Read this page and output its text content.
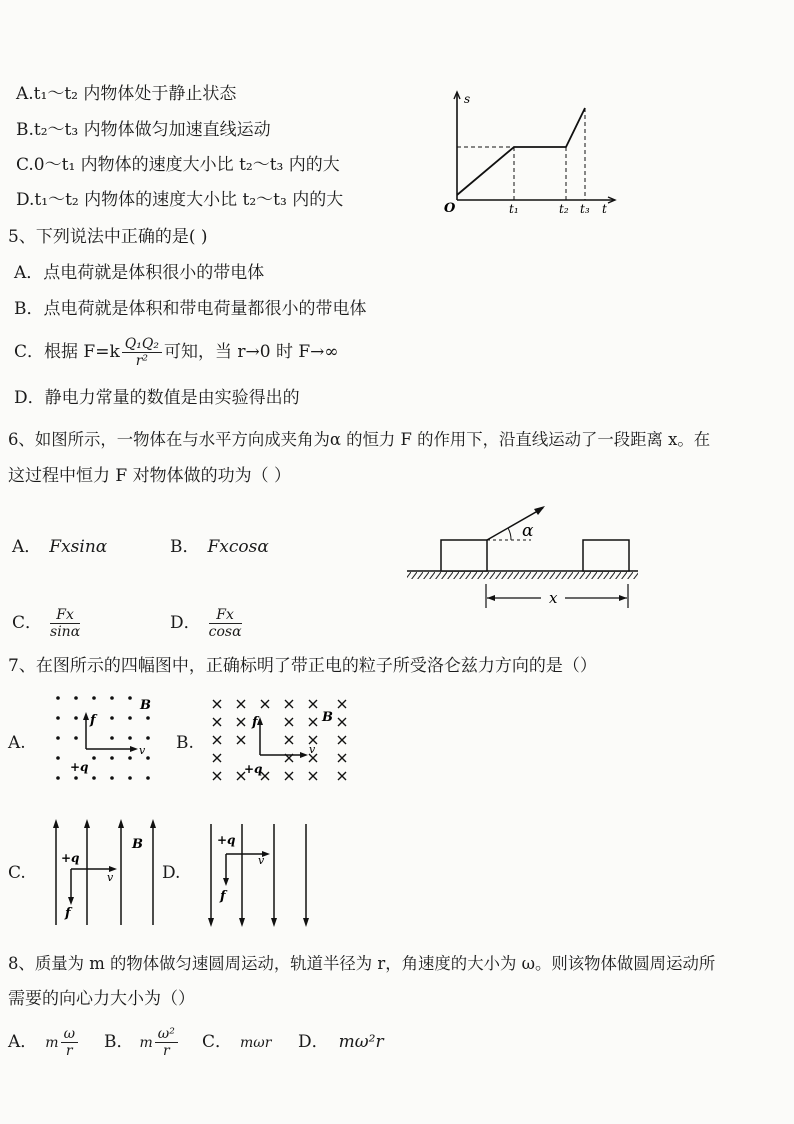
A.t₁～t₂ 内物体处于静止状态
B.t₂～t₃ 内物体做匀加速直线运动
C.0～t₁ 内物体的速度大小比 t₂～t₃ 内的大
D.t₁～t₂ 内物体的速度大小比 t₂～t₃ 内的大
s
O	t₁	t₂ t₃ t
5、下列说法中正确的是( )
A．点电荷就是体积很小的带电体
B．点电荷就是体积和带电荷量都很小的带电体
C．根据 $F=k \frac{\text{Q₁Q₂}}{\text{r²}}$ 可知，当 r→0 时 F→∞
D．静电力常量的数值是由实验得出的
6、如图所示，一物体在与水平方向成夹角为α 的恒力 F 的作用下，沿直线运动了一段距离 x。在
这过程中恒力 F 对物体做的功为（ ）
A． Fxsinα	B． Fxcosα
C． $\frac{Fx}{\sin\alpha}$	D． $\frac{Fx}{\cos\alpha}$
α
x
7、在图所示的四幅图中，正确标明了带正电的粒子所受洛仑兹力方向的是（）
A.
f
v
B
+q
B.
f
v
B
+q
C.
+q
v
f
B
D.
+q
v
f
8、质量为 m 的物体做匀速圆周运动，轨道半径为 r，角速度的大小为 ω。则该物体做圆周运动所
需要的向心力大小为（）
A． m $\frac{\omega}{r}$ B． m $\frac{\text{ω²}}{r}$ C． mωr D． mω²r
